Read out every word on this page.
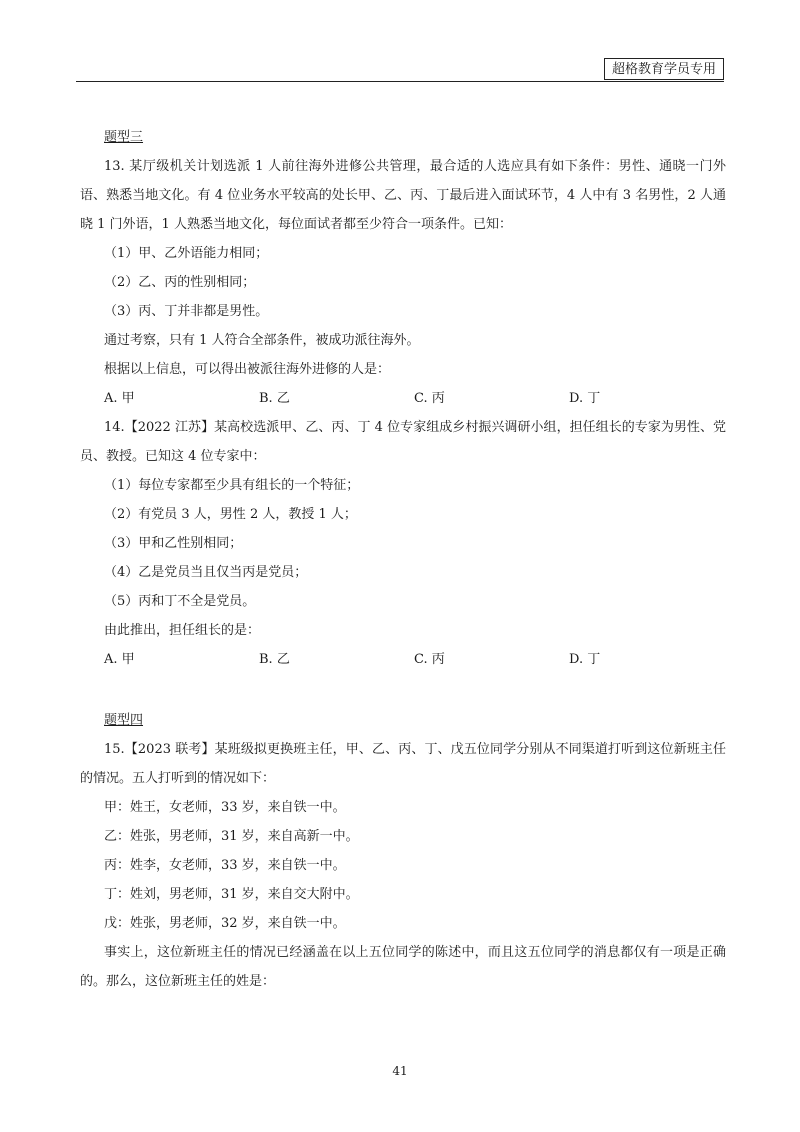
超格教育学员专用
题型三
13. 某厅级机关计划选派 1 人前往海外进修公共管理，最合适的人选应具有如下条件：男性、通晓一门外语、熟悉当地文化。有 4 位业务水平较高的处长甲、乙、丙、丁最后进入面试环节，4 人中有 3 名男性，2 人通晓 1 门外语，1 人熟悉当地文化，每位面试者都至少符合一项条件。已知：
（1）甲、乙外语能力相同；
（2）乙、丙的性别相同；
（3）丙、丁并非都是男性。
通过考察，只有 1 人符合全部条件，被成功派往海外。
根据以上信息，可以得出被派往海外进修的人是：
A. 甲	B. 乙	C. 丙	D. 丁
14.【2022 江苏】某高校选派甲、乙、丙、丁 4 位专家组成乡村振兴调研小组，担任组长的专家为男性、党员、教授。已知这 4 位专家中：
（1）每位专家都至少具有组长的一个特征；
（2）有党员 3 人，男性 2 人，教授 1 人；
（3）甲和乙性别相同；
（4）乙是党员当且仅当丙是党员；
（5）丙和丁不全是党员。
由此推出，担任组长的是：
A. 甲	B. 乙	C. 丙	D. 丁
题型四
15.【2023 联考】某班级拟更换班主任，甲、乙、丙、丁、戊五位同学分别从不同渠道打听到这位新班主任的情况。五人打听到的情况如下：
甲：姓王，女老师，33 岁，来自铁一中。
乙：姓张，男老师，31 岁，来自高新一中。
丙：姓李，女老师，33 岁，来自铁一中。
丁：姓刘，男老师，31 岁，来自交大附中。
戊：姓张，男老师，32 岁，来自铁一中。
事实上，这位新班主任的情况已经涵盖在以上五位同学的陈述中，而且这五位同学的消息都仅有一项是正确的。那么，这位新班主任的姓是：
41
